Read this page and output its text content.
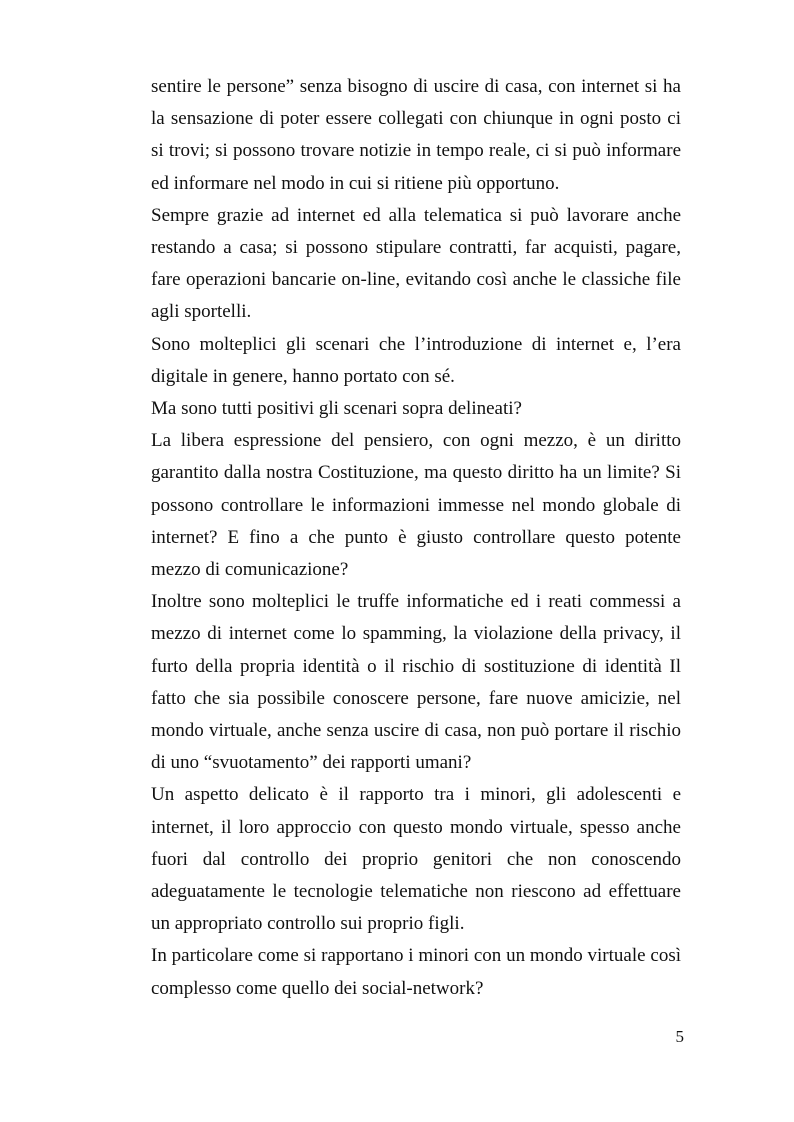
sentire le persone” senza bisogno di uscire di casa, con internet si ha la sensazione di poter essere collegati con chiunque in ogni posto ci si trovi; si possono trovare notizie in tempo reale, ci si può informare ed informare nel modo in cui si ritiene più opportuno.

Sempre grazie ad internet ed alla telematica si può lavorare anche restando a casa; si possono stipulare contratti, far acquisti, pagare, fare operazioni bancarie on-line, evitando così anche le classiche file agli sportelli.

Sono molteplici gli scenari che l’introduzione di internet e, l’era digitale in genere, hanno portato con sé.

Ma sono tutti positivi gli scenari sopra delineati?

La libera espressione del pensiero, con ogni mezzo, è un diritto garantito dalla nostra Costituzione, ma questo diritto ha un limite? Si possono controllare le informazioni immesse nel mondo globale di internet? E fino a che punto è giusto controllare questo potente mezzo di comunicazione?

Inoltre sono molteplici le truffe informatiche ed i reati commessi a mezzo di internet come lo spamming, la violazione della privacy, il furto della propria identità o il rischio di sostituzione di identità Il fatto che sia possibile conoscere persone, fare nuove amicizie, nel mondo virtuale, anche senza uscire di casa, non può portare il rischio di uno “svuotamento” dei rapporti umani?

Un aspetto delicato è il rapporto tra i minori, gli adolescenti e internet, il loro approccio con questo mondo virtuale, spesso anche fuori dal controllo dei proprio genitori che non conoscendo adeguatamente le tecnologie telematiche non riescono ad effettuare un appropriato controllo sui proprio figli.

In particolare come si rapportano i minori con un mondo virtuale così complesso come quello dei social-network?

5
